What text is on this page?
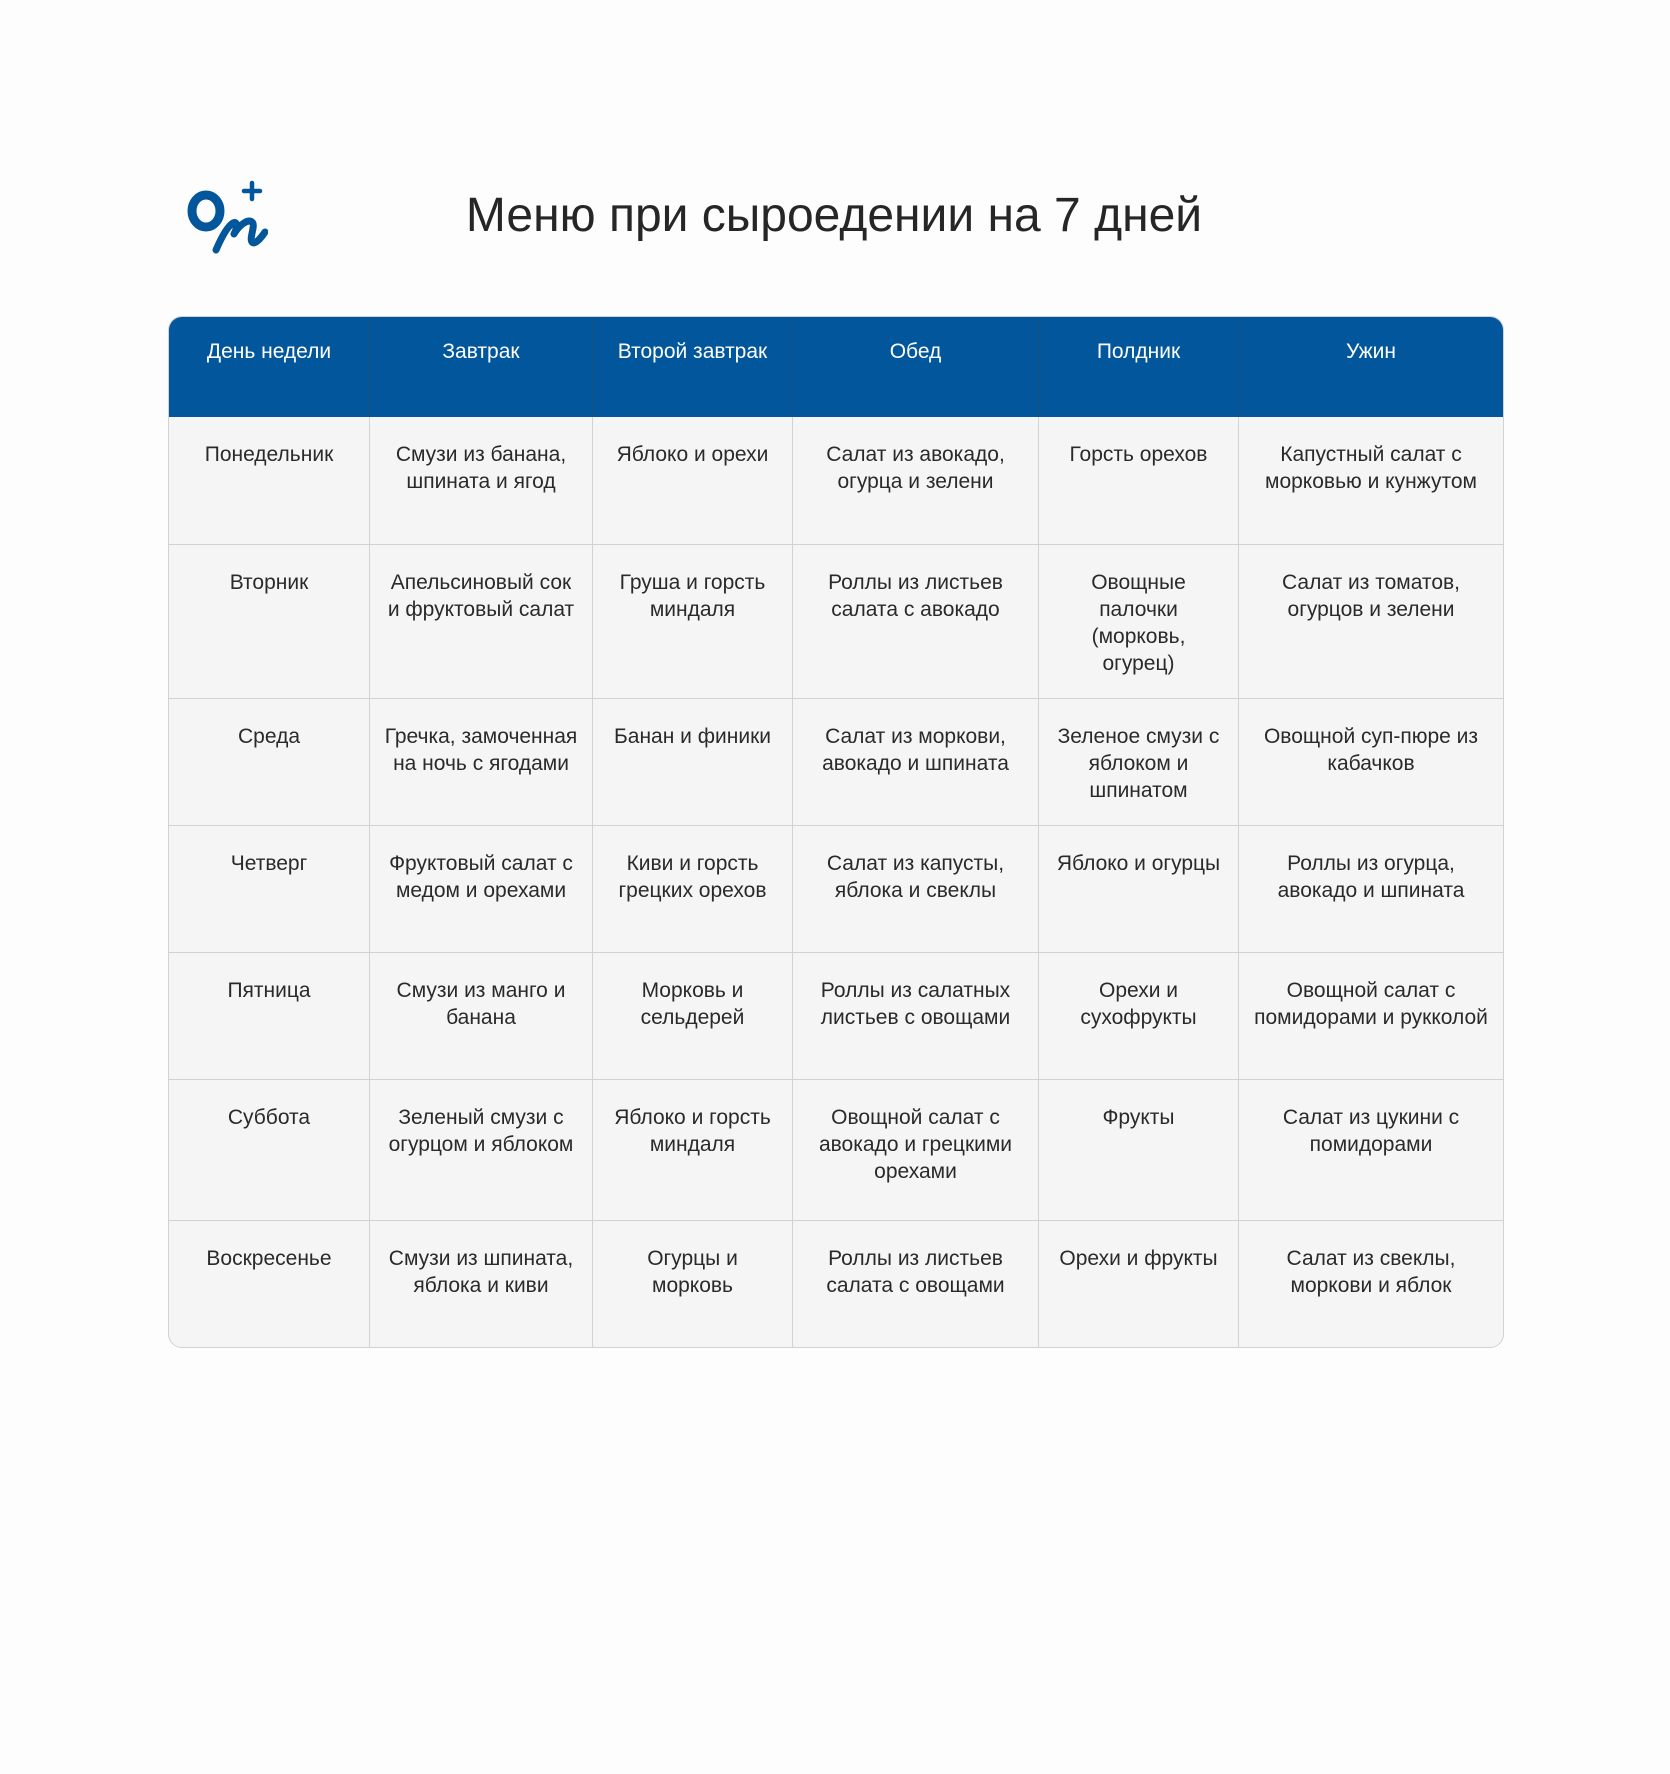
Меню при сыроедении на 7 дней
День недели	Завтрак	Второй завтрак	Обед	Полдник	Ужин
Понедельник	Смузи из банана, шпината и ягод	Яблоко и орехи	Салат из авокадо, огурца и зелени	Горсть орехов	Капустный салат с морковью и кунжутом
Вторник	Апельсиновый сок и фруктовый салат	Груша и горсть миндаля	Роллы из листьев салата с авокадо	Овощные палочки (морковь, огурец)	Салат из томатов, огурцов и зелени
Среда	Гречка, замоченная на ночь с ягодами	Банан и финики	Салат из моркови, авокадо и шпината	Зеленое смузи с яблоком и шпинатом	Овощной суп-пюре из кабачков
Четверг	Фруктовый салат с медом и орехами	Киви и горсть грецких орехов	Салат из капусты, яблока и свеклы	Яблоко и огурцы	Роллы из огурца, авокадо и шпината
Пятница	Смузи из манго и банана	Морковь и сельдерей	Роллы из салатных листьев с овощами	Орехи и сухофрукты	Овощной салат с помидорами и рукколой
Суббота	Зеленый смузи с огурцом и яблоком	Яблоко и горсть миндаля	Овощной салат с авокадо и грецкими орехами	Фрукты	Салат из цукини с помидорами
Воскресенье	Смузи из шпината, яблока и киви	Огурцы и морковь	Роллы из листьев салата с овощами	Орехи и фрукты	Салат из свеклы, моркови и яблок
